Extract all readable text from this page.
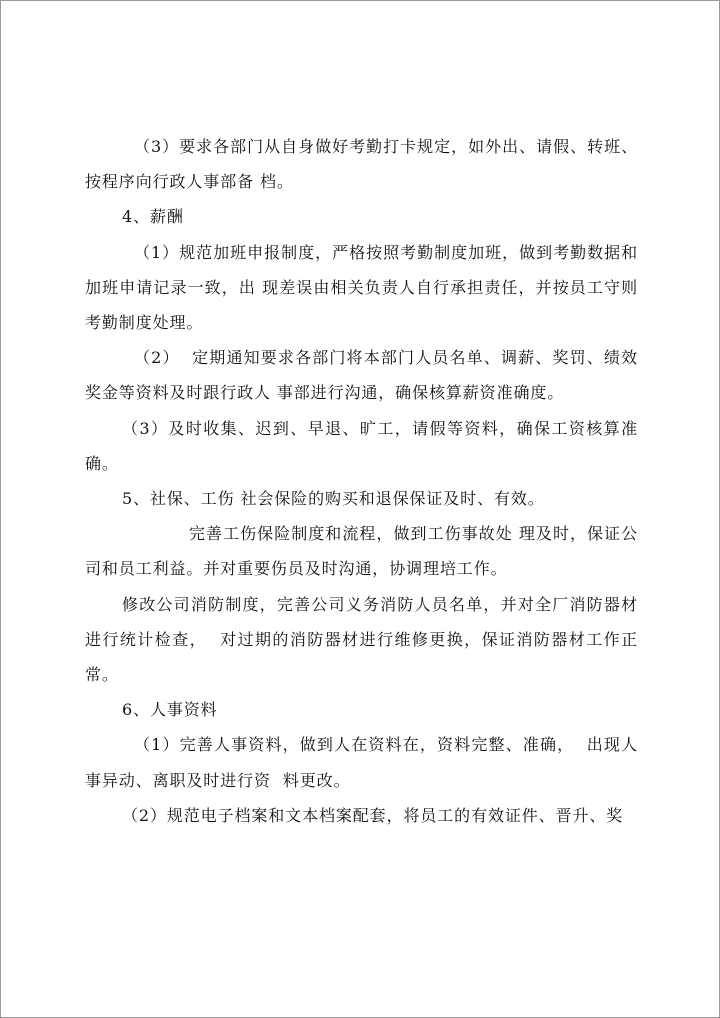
（3）要求各部门从自身做好考勤打卡规定，如外出、请假、转班、按程序向行政人事部备 档。

4、薪酬

（1）规范加班申报制度，严格按照考勤制度加班，做到考勤数据和加班申请记录一致，出 现差误由相关负责人自行承担责任，并按员工守则考勤制度处理。

（2）  定期通知要求各部门将本部门人员名单、调薪、奖罚、绩效奖金等资料及时跟行政人 事部进行沟通，确保核算薪资准确度。

（3）及时收集、迟到、早退、旷工，请假等资料，确保工资核算准确。

5、社保、工伤 社会保险的购买和退保保证及时、有效。

完善工伤保险制度和流程，做到工伤事故处 理及时，保证公司和员工利益。并对重要伤员及时沟通，协调理培工作。

修改公司消防制度，完善公司义务消防人员名单，并对全厂消防器材进行统计检查，  对过期的消防器材进行维修更换，保证消防器材工作正常。

6、人事资料

（1）完善人事资料，做到人在资料在，资料完整、准确，  出现人事异动、离职及时进行资  料更改。

（2）规范电子档案和文本档案配套，将员工的有效证件、晋升、奖
